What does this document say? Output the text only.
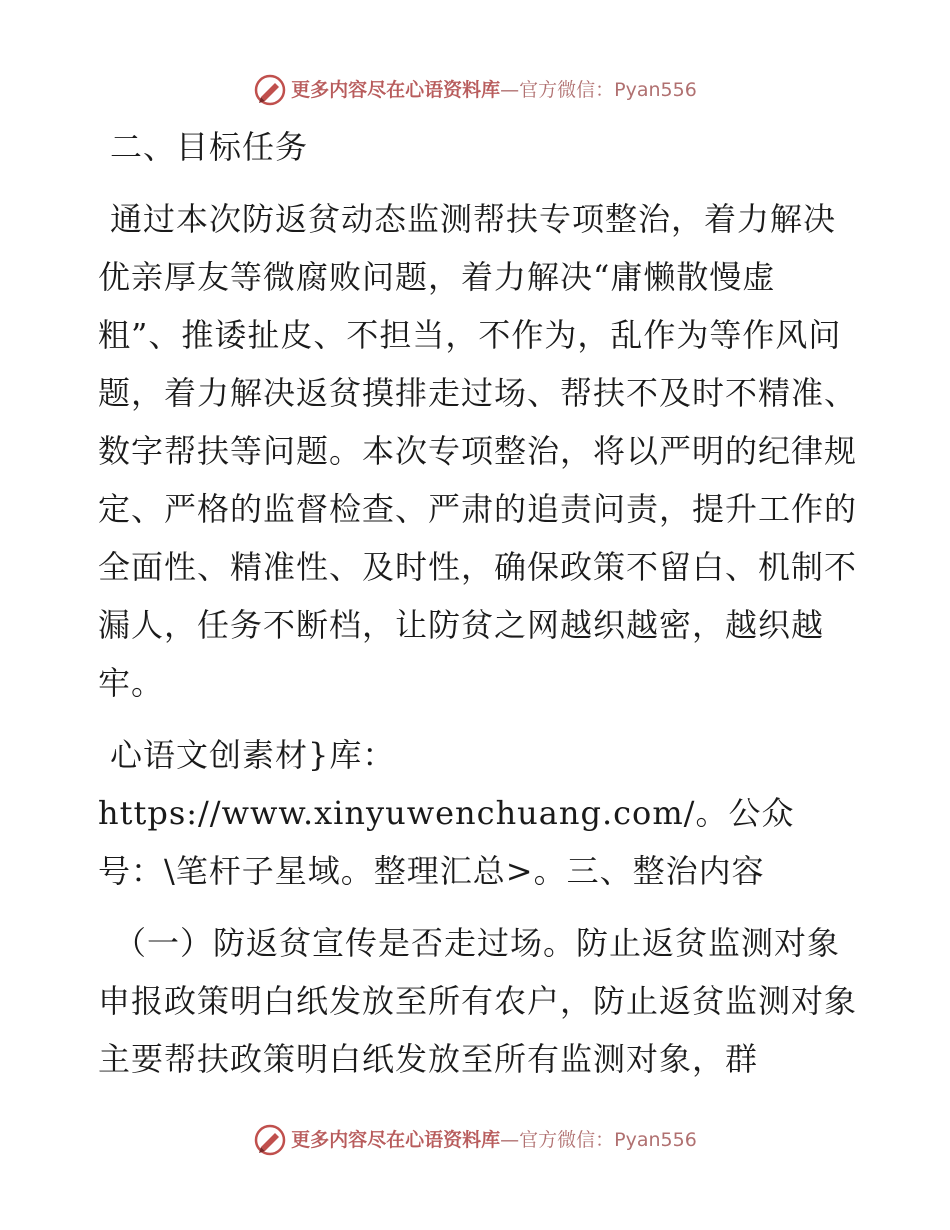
更多内容尽在心语资料库 — 官方微信：Pyan556

二、目标任务

通过本次防返贫动态监测帮扶专项整治，着力解决优亲厚友等微腐败问题，着力解决“庸懒散慢虚粗”、推诿扯皮、不担当，不作为，乱作为等作风问题，着力解决返贫摸排走过场、帮扶不及时不精准、数字帮扶等问题。本次专项整治，将以严明的纪律规定、严格的监督检查、严肃的追责问责，提升工作的全面性、精准性、及时性，确保政策不留白、机制不漏人，任务不断档，让防贫之网越织越密，越织越牢。

心语文创素材}库：https://www.xinyuwenchuang.com/。公众号：\笔杆子星域。整理汇总>。三、整治内容

（一）防返贫宣传是否走过场。防止返贫监测对象申报政策明白纸发放至所有农户，防止返贫监测对象主要帮扶政策明白纸发放至所有监测对象，群

更多内容尽在心语资料库 — 官方微信：Pyan556
